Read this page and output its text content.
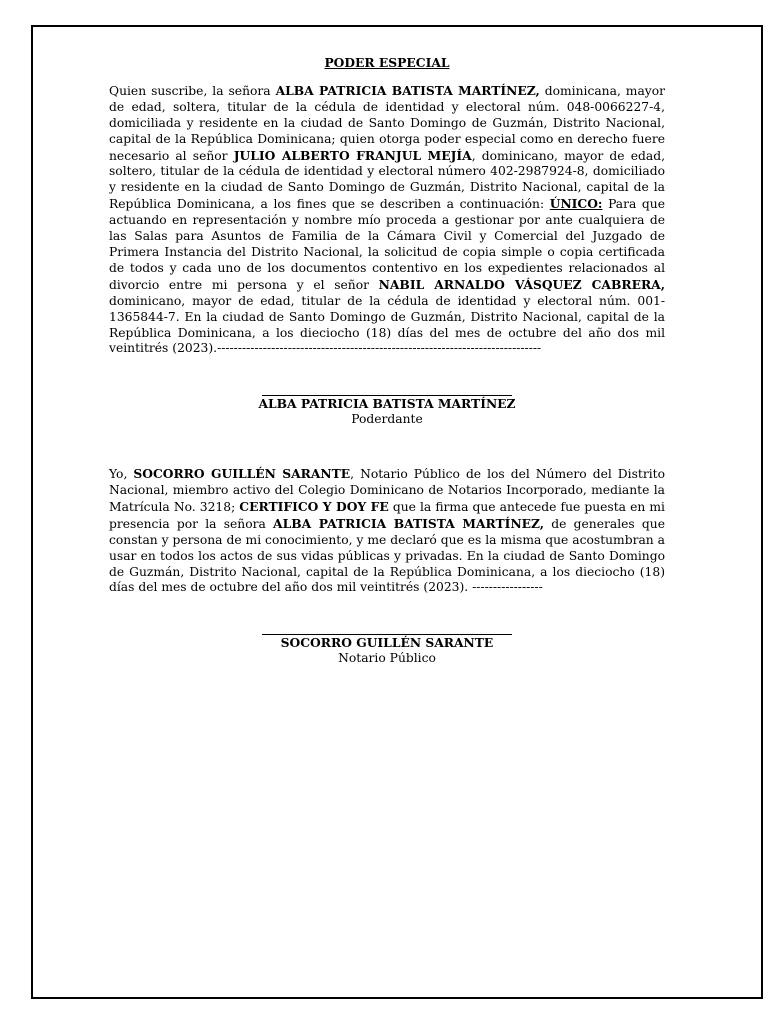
PODER ESPECIAL

Quien suscribe, la señora ALBA PATRICIA BATISTA MARTÍNEZ, dominicana, mayor de edad, soltera, titular de la cédula de identidad y electoral núm. 048-0066227-4, domiciliada y residente en la ciudad de Santo Domingo de Guzmán, Distrito Nacional, capital de la República Dominicana; quien otorga poder especial como en derecho fuere necesario al señor JULIO ALBERTO FRANJUL MEJÍA, dominicano, mayor de edad, soltero, titular de la cédula de identidad y electoral número 402-2987924-8, domiciliado y residente en la ciudad de Santo Domingo de Guzmán, Distrito Nacional, capital de la República Dominicana, a los fines que se describen a continuación: ÚNICO: Para que actuando en representación y nombre mío proceda a gestionar por ante cualquiera de las Salas para Asuntos de Familia de la Cámara Civil y Comercial del Juzgado de Primera Instancia del Distrito Nacional, la solicitud de copia simple o copia certificada de todos y cada uno de los documentos contentivo en los expedientes relacionados al divorcio entre mi persona y el señor NABIL ARNALDO VÁSQUEZ CABRERA, dominicano, mayor de edad, titular de la cédula de identidad y electoral núm. 001-1365844-7. En la ciudad de Santo Domingo de Guzmán, Distrito Nacional, capital de la República Dominicana, a los dieciocho (18) días del mes de octubre del año dos mil veintitrés (2023).------------------------------------------------------------------------------

ALBA PATRICIA BATISTA MARTÍNEZ
Poderdante

Yo, SOCORRO GUILLÉN SARANTE, Notario Público de los del Número del Distrito Nacional, miembro activo del Colegio Dominicano de Notarios Incorporado, mediante la Matrícula No. 3218; CERTIFICO Y DOY FE que la firma que antecede fue puesta en mi presencia por la señora ALBA PATRICIA BATISTA MARTÍNEZ, de generales que constan y persona de mi conocimiento, y me declaró que es la misma que acostumbran a usar en todos los actos de sus vidas públicas y privadas. En la ciudad de Santo Domingo de Guzmán, Distrito Nacional, capital de la República Dominicana, a los dieciocho (18) días del mes de octubre del año dos mil veintitrés (2023). -----------------

SOCORRO GUILLÉN SARANTE
Notario Público
